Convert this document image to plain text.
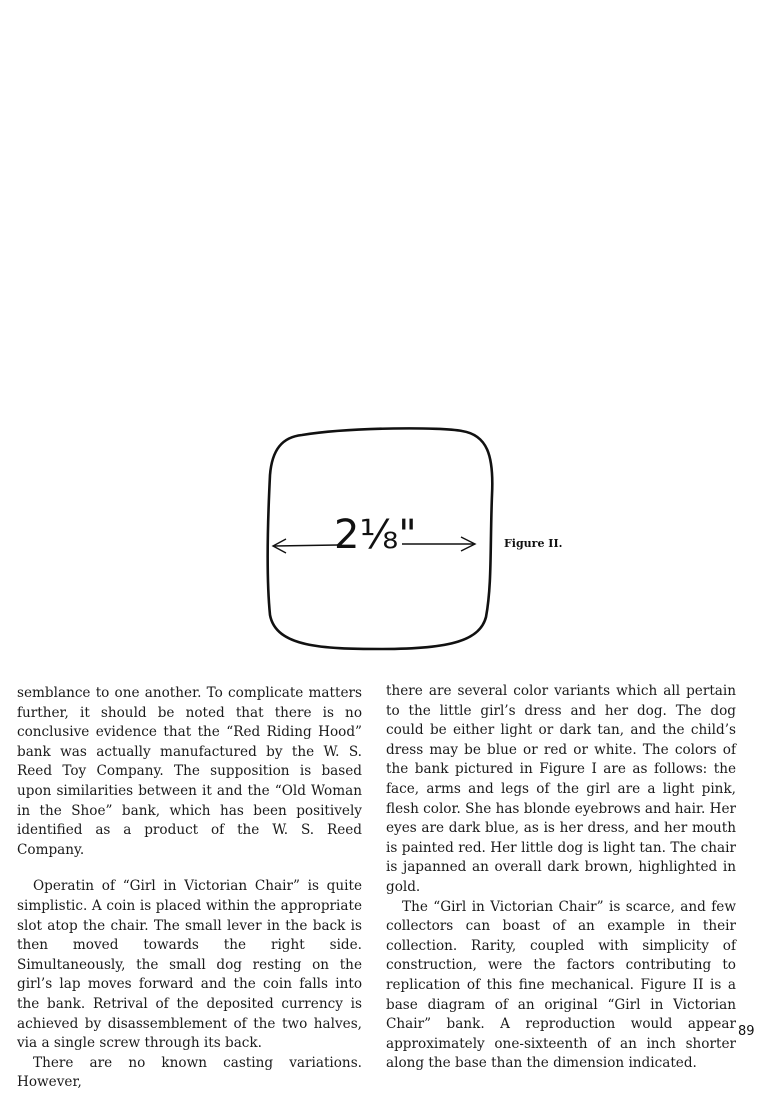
2⅛"	Figure II.

semblance to one another. To complicate matters further, it should be noted that there is no conclusive evidence that the “Red Riding Hood” bank was actually manufactured by the W. S. Reed Toy Company. The supposition is based upon similarities between it and the “Old Woman in the Shoe” bank, which has been positively identified as a product of the W. S. Reed Company.

Operatin of “Girl in Victorian Chair” is quite simplistic. A coin is placed within the appropriate slot atop the chair. The small lever in the back is then moved towards the right side. Simultaneously, the small dog resting on the girl’s lap moves forward and the coin falls into the bank. Retrival of the deposited currency is achieved by disassemblement of the two halves, via a single screw through its back.

There are no known casting variations. However,

there are several color variants which all pertain to the little girl’s dress and her dog. The dog could be either light or dark tan, and the child’s dress may be blue or red or white. The colors of the bank pictured in Figure I are as follows: the face, arms and legs of the girl are a light pink, flesh color. She has blonde eyebrows and hair. Her eyes are dark blue, as is her dress, and her mouth is painted red. Her little dog is light tan. The chair is japanned an overall dark brown, highlighted in gold.

The “Girl in Victorian Chair” is scarce, and few collectors can boast of an example in their collection. Rarity, coupled with simplicity of construction, were the factors contributing to replication of this fine mechanical. Figure II is a base diagram of an original “Girl in Victorian Chair” bank. A reproduction would appear approximately one-sixteenth of an inch shorter along the base than the dimension indicated.

89
